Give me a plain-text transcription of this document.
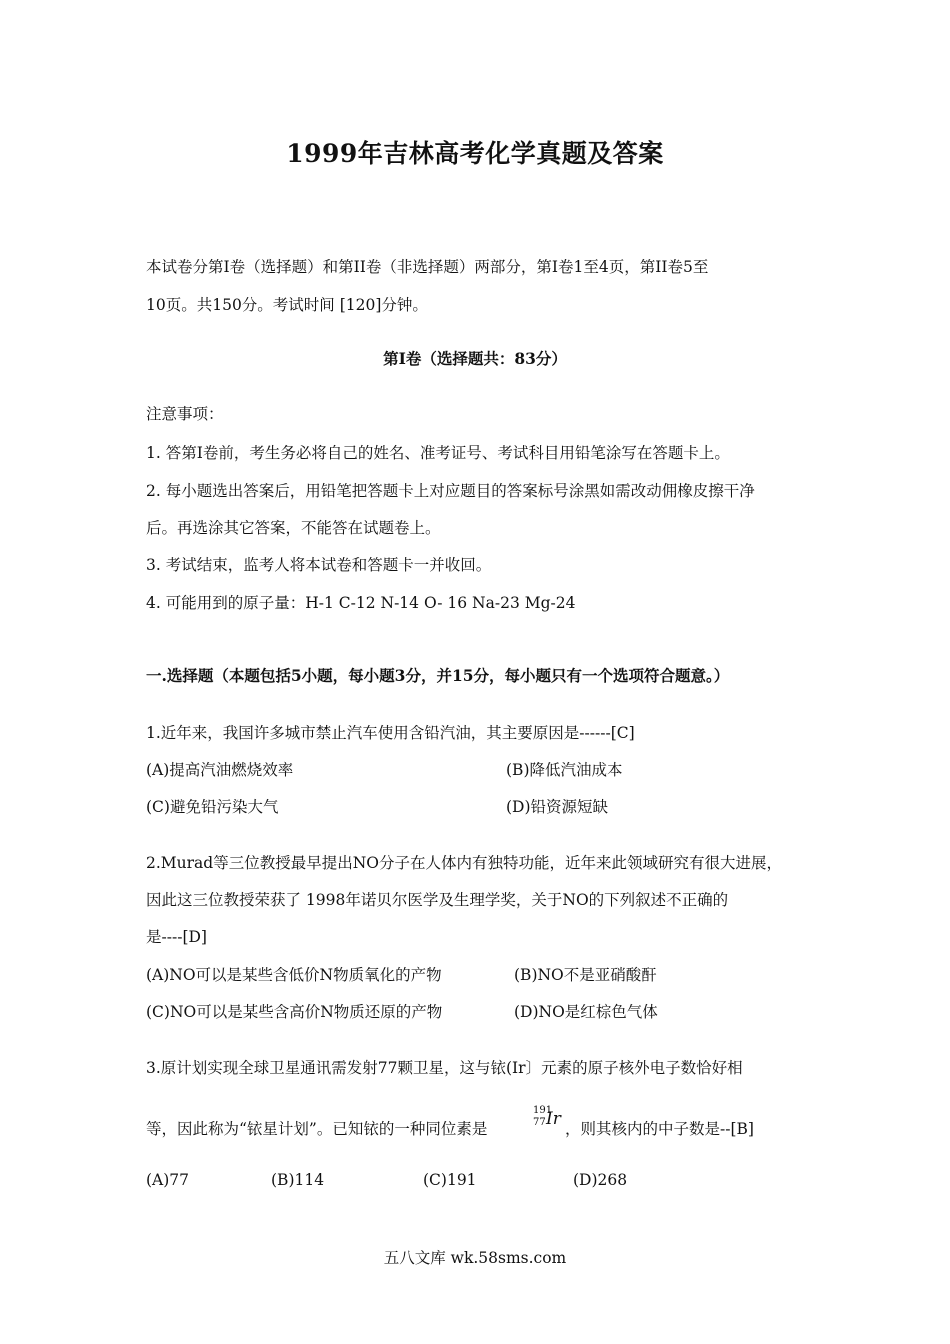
1999年吉林高考化学真题及答案
本试卷分第Ⅰ卷（选择题）和第II卷（非选择题）两部分，第Ⅰ卷1至4页，第II卷5至
10页。共150分。考试时间 [120]分钟。
第Ⅰ卷（选择题共：83分）
注意事项：
1. 答第Ⅰ卷前，考生务必将自己的姓名、准考证号、考试科目用铅笔涂写在答题卡上。
2. 每小题选出答案后，用铅笔把答题卡上对应题目的答案标号涂黑如需改动佣橡皮擦干净
后。再选涂其它答案，不能答在试题卷上。
3. 考试结束，监考人将本试卷和答题卡一并收回。
4. 可能用到的原子量：H-1 C-12 N-14 O- 16 Na-23 Mg-24
一.选择题（本题包括5小题，每小题3分，并15分，每小题只有一个选项符合题意。）
1.近年来，我国许多城市禁止汽车使用含铅汽油，其主要原因是------[C]
(A)提高汽油燃烧效率	(B)降低汽油成本
(C)避免铅污染大气	(D)铅资源短缺
2.Murad等三位教授最早提出NO分子在人体内有独特功能，近年来此领域研究有很大进展，
因此这三位教授荣获了 1998年诺贝尔医学及生理学奖，关于NO的下列叙述不正确的
是----[D]
(A)NO可以是某些含低价N物质氧化的产物	(B)NO不是亚硝酸酐
(C)NO可以是某些含高价N物质还原的产物	(D)NO是红棕色气体
3.原计划实现全球卫星通讯需发射77颗卫星，这与铱(Ir〕元素的原子核外电子数恰好相
等，因此称为“铱星计划”。已知铱的一种同位素是
191
77 Ir ，则其核内的中子数是--[B]
(A)77	(B)114	(C)191	(D)268
五八文库 wk.58sms.com
